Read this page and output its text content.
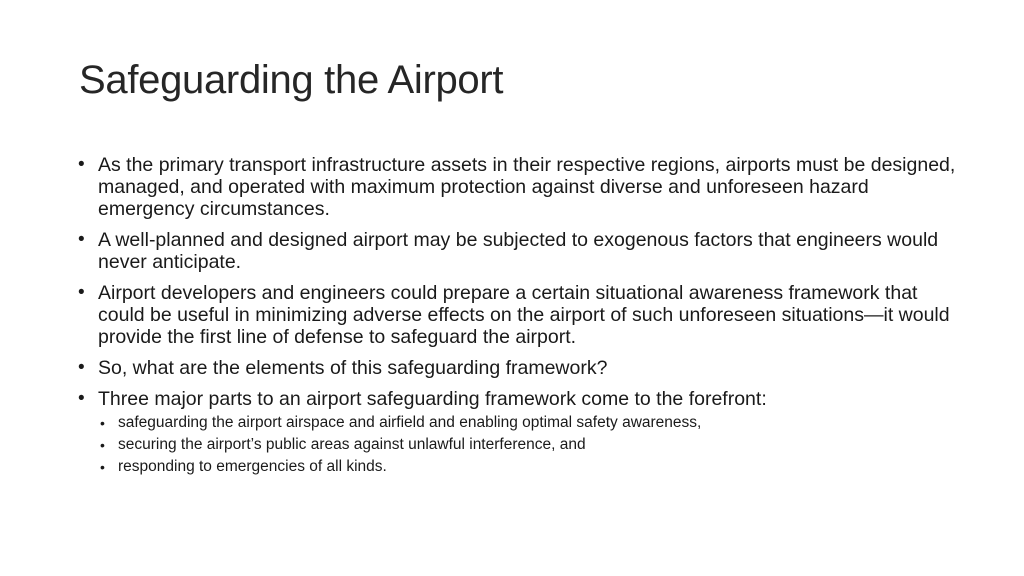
Safeguarding the Airport
• As the primary transport infrastructure assets in their respective regions, airports must be designed, managed, and operated with maximum protection against diverse and unforeseen hazard emergency circumstances.
• A well-planned and designed airport may be subjected to exogenous factors that engineers would never anticipate.
• Airport developers and engineers could prepare a certain situational awareness framework that could be useful in minimizing adverse effects on the airport of such unforeseen situations—it would provide the first line of defense to safeguard the airport.
• So, what are the elements of this safeguarding framework?
• Three major parts to an airport safeguarding framework come to the forefront:
• safeguarding the airport airspace and airfield and enabling optimal safety awareness,
• securing the airport’s public areas against unlawful interference, and
• responding to emergencies of all kinds.
